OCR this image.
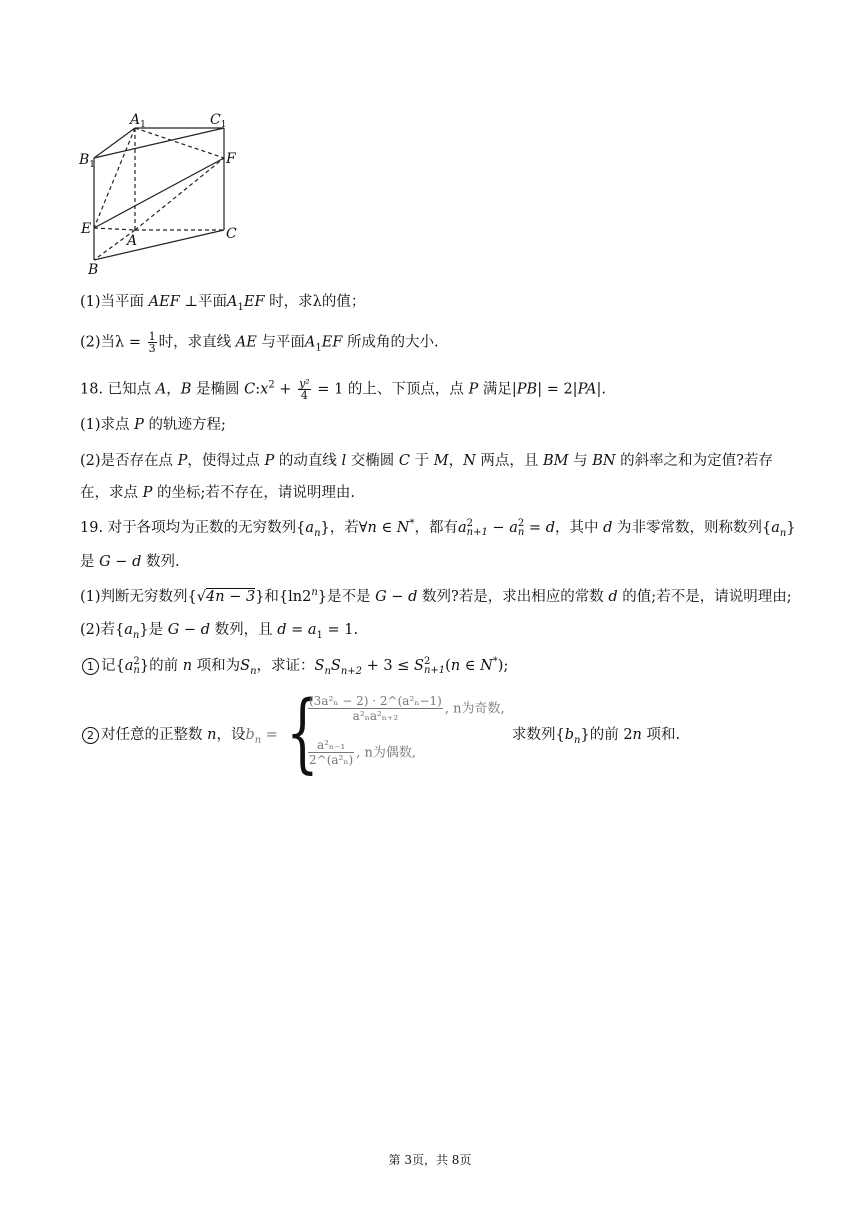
$A_1$	$C_1$
$B_1$	F
E
A	C
B
(1)当平面 AEF ⊥平面$A_1EF$ 时，求λ的值；
(2)当$\lambda = \frac{1}{3}$ 时，求直线 AE 与平面$A_1EF$ 所成角的大小.
18. 已知点 A，B 是椭圆 $C:x^2 + \frac{\text{y²}}{4} = 1$ 的上、下顶点，点 P 满足|PB| = 2|PA|.
(1)求点 P 的轨迹方程;
(2)是否存在点 P，使得过点 P 的动直线 l 交椭圆 C 于 M，N 两点，且 BM 与 BN 的斜率之和为定值?若存
在，求点 P 的坐标;若不存在，请说明理由.
19. 对于各项均为正数的无穷数列$\{a_n\}$，若∀n ∈ N*，都有a 2
n+1 − a 2
n = d，其中 d 为非零常数，则称数列$\{a_n\}$
是 G − d 数列.
(1)判断无穷数列{√4n − 3}和{ln2$^n$}是不是 G − d 数列?若是，求出相应的常数 d 的值;若不是，请说明理由;
(2)若$\{a_n\}$是 G − d 数列，且 $d = a_1 = 1$.
1 记{a 2
n }的前 n 项和为$S_n$，求证：$S_nS_{n+2} + 3 \le S$ 2
n+1 (n ∈ N*);
2 对任意的正整数 n，设$b_n$ = {
$\frac{\text{(3a²ₙ − 2) · 2\textasciicircum{}(a²ₙ−1)}}{\text{a²ₙa²ₙ₊₂}}$ , n为奇数,
$\frac{\text{a²ₙ₋₁}}{\text{2\textasciicircum{}(a²ₙ)}}$ , n为偶数,
求数列$\{b_n\}$的前 2n 项和.
第 3页，共 8页
